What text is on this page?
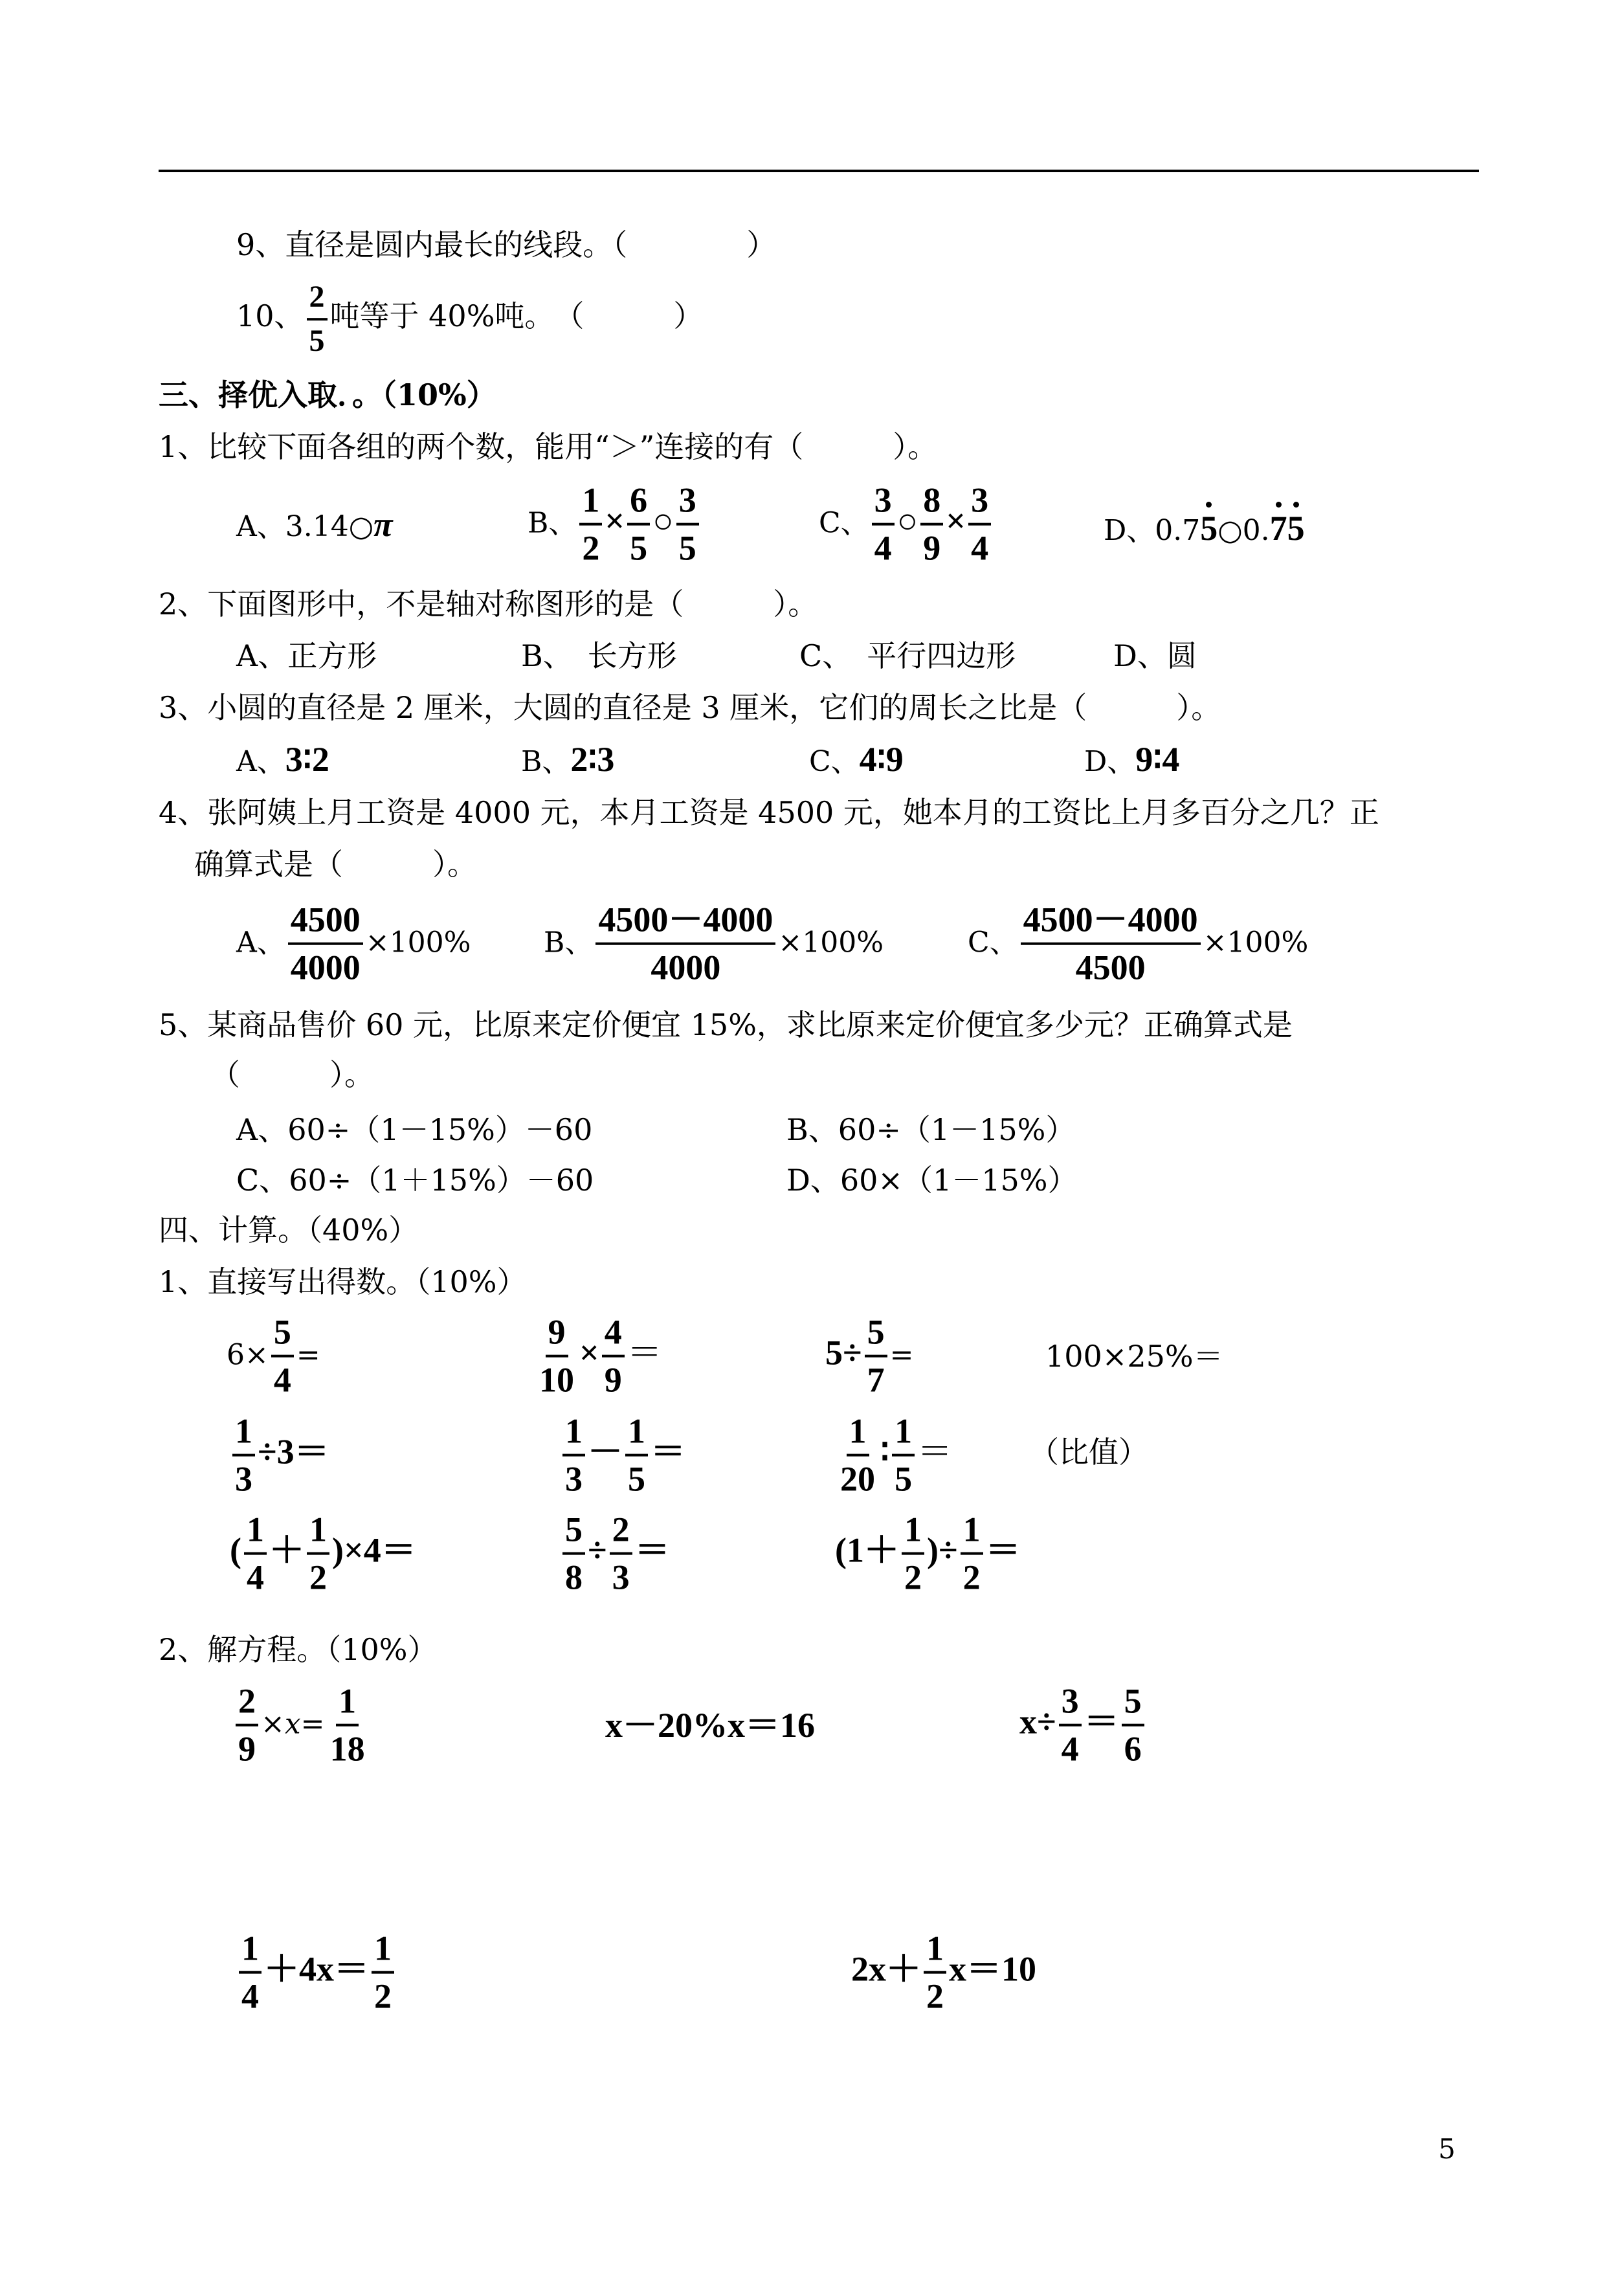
9、直径是圆内最长的线段。（　　　　）
10、 $\frac{2}{5}$ 吨等于 40%吨。　（　　　）
三、择优入取．。（10%）
1、比较下面各组的两个数，能用“＞”连接的有（　　　）。
A、3.14○π	B、 $\frac{1}{2} \times \frac{6}{5}$ ○ $\frac{3}{5}$	C、 $\frac{3}{4}$ ○ $\frac{8}{9} \times \frac{3}{4}$	D、0.75○0.75
2、下面图形中，不是轴对称图形的是（　　　）。
A、正方形	B、　长方形	C、　平行四边形	D、圆
3、小圆的直径是 2 厘米，大圆的直径是 3 厘米，它们的周长之比是（　　　）。
A、3∶2	B、2∶3	C、4∶9	D、9∶4
4、张阿姨上月工资是 4000 元，本月工资是 4500 元，她本月的工资比上月多百分之几？正
确算式是（　　　）。
A、 $\frac{4500}{4000} \times 100\%$	B、 $\frac{4500-4000}{4000} \times 100\%$	C、 $\frac{4500-4000}{4500} \times 100\%$
5、某商品售价 60 元，比原来定价便宜 15%，求比原来定价便宜多少元？正确算式是
（　　　）。
A、60÷（1－15%）－60	B、60÷（1－15%）
C、60÷（1＋15%）－60	D、60×（1－15%）
四、计算。（40%）
1、直接写出得数。（10%）
$6\times \frac{5}{4}$ =	$\frac{9}{10} \times \frac{4}{9}$ ＝	$5\div \frac{5}{7}$ =	100×25%＝
$\frac{1}{3} \div 3=$	$\frac{1}{3} - \frac{1}{5}$ ＝	$\frac{1}{20}$ ∶ $\frac{1}{5}$ ＝	（比值）
( $\frac{1}{4} + \frac{1}{2} )\times 4=$	$\frac{5}{8} \div \frac{2}{3}$ ＝	($1+ \frac{1}{2}$ )÷ $\frac{1}{2}$ ＝
2、解方程。（10%）
$\frac{2}{9} \times x= \frac{1}{18}$	x－20%x＝16	$x\div \frac{3}{4} = \frac{5}{6}$
$\frac{1}{4} +4x= \frac{1}{2}$	$2x+ \frac{1}{2} x=10$
5
